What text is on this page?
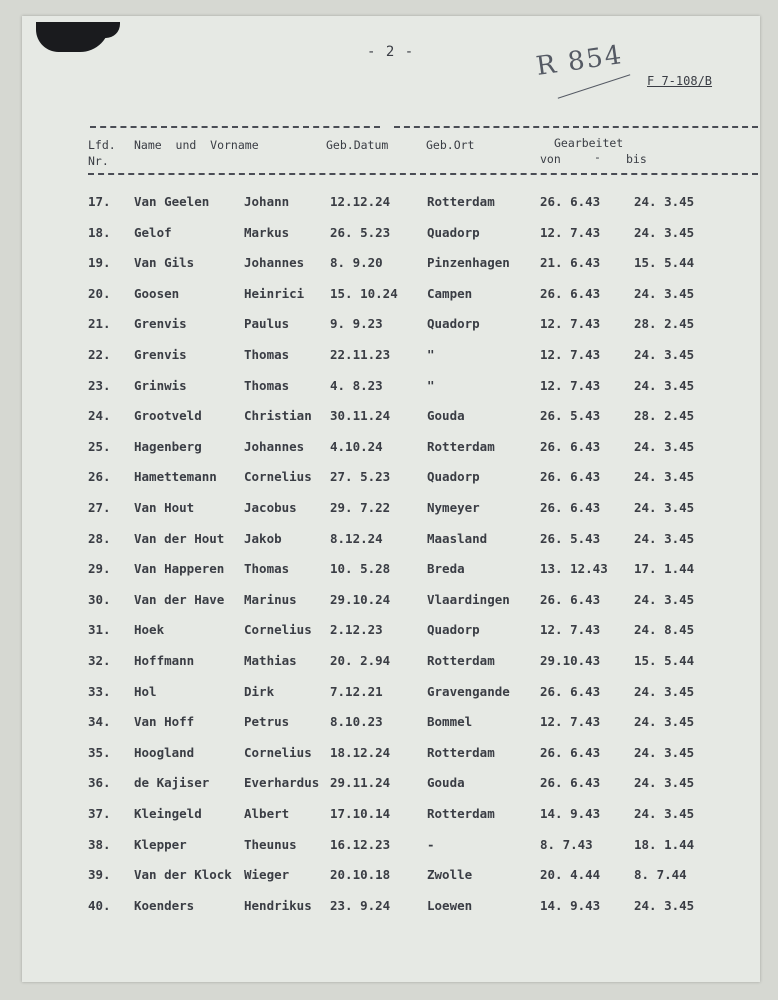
- 2 -	R 854 F 7-108/B
Lfd.
Nr.
Name  und  Vorname	Geb.Datum	Geb.Ort	Gearbeitet
von	- bis
17. Van Geelen	Johann	12.12.24	Rotterdam	26. 6.43	24. 3.45
18. Gelof	Markus	26. 5.23	Quadorp	12. 7.43	24. 3.45
19. Van Gils	Johannes 8. 9.20	Pinzenhagen 21. 6.43	15. 5.44
20. Goosen	Heinrici 15. 10.24 Campen	26. 6.43	24. 3.45
21. Grenvis	Paulus	9. 9.23	Quadorp	12. 7.43	28. 2.45
22. Grenvis	Thomas	22.11.23	"	12. 7.43	24. 3.45
23. Grinwis	Thomas	4. 8.23	"	12. 7.43	24. 3.45
24. Grootveld	Christian 30.11.24	Gouda	26. 5.43	28. 2.45
25. Hagenberg	Johannes 4.10.24	Rotterdam	26. 6.43	24. 3.45
26. Hamettemann Cornelius 27. 5.23	Quadorp	26. 6.43	24. 3.45
27. Van Hout	Jacobus	29. 7.22	Nymeyer	26. 6.43	24. 3.45
28. Van der Hout Jakob	8.12.24	Maasland	26. 5.43	24. 3.45
29. Van Happeren Thomas	10. 5.28	Breda	13. 12.43 17. 1.44
30. Van der Have Marinus	29.10.24	Vlaardingen 26. 6.43	24. 3.45
31. Hoek	Cornelius 2.12.23	Quadorp	12. 7.43	24. 8.45
32. Hoffmann	Mathias	20. 2.94	Rotterdam	29.10.43	15. 5.44
33. Hol	Dirk	7.12.21	Gravengande 26. 6.43	24. 3.45
34. Van Hoff	Petrus	8.10.23	Bommel	12. 7.43	24. 3.45
35. Hoogland	Cornelius 18.12.24	Rotterdam	26. 6.43	24. 3.45
36. de Kajiser	Everhardus 29.11.24	Gouda	26. 6.43	24. 3.45
37. Kleingeld	Albert	17.10.14	Rotterdam	14. 9.43	24. 3.45
38. Klepper	Theunus	16.12.23	-	8. 7.43	18. 1.44
39. Van der Klock Wieger	20.10.18	Zwolle	20. 4.44	8. 7.44
40. Koenders	Hendrikus 23. 9.24	Loewen	14. 9.43	24. 3.45
